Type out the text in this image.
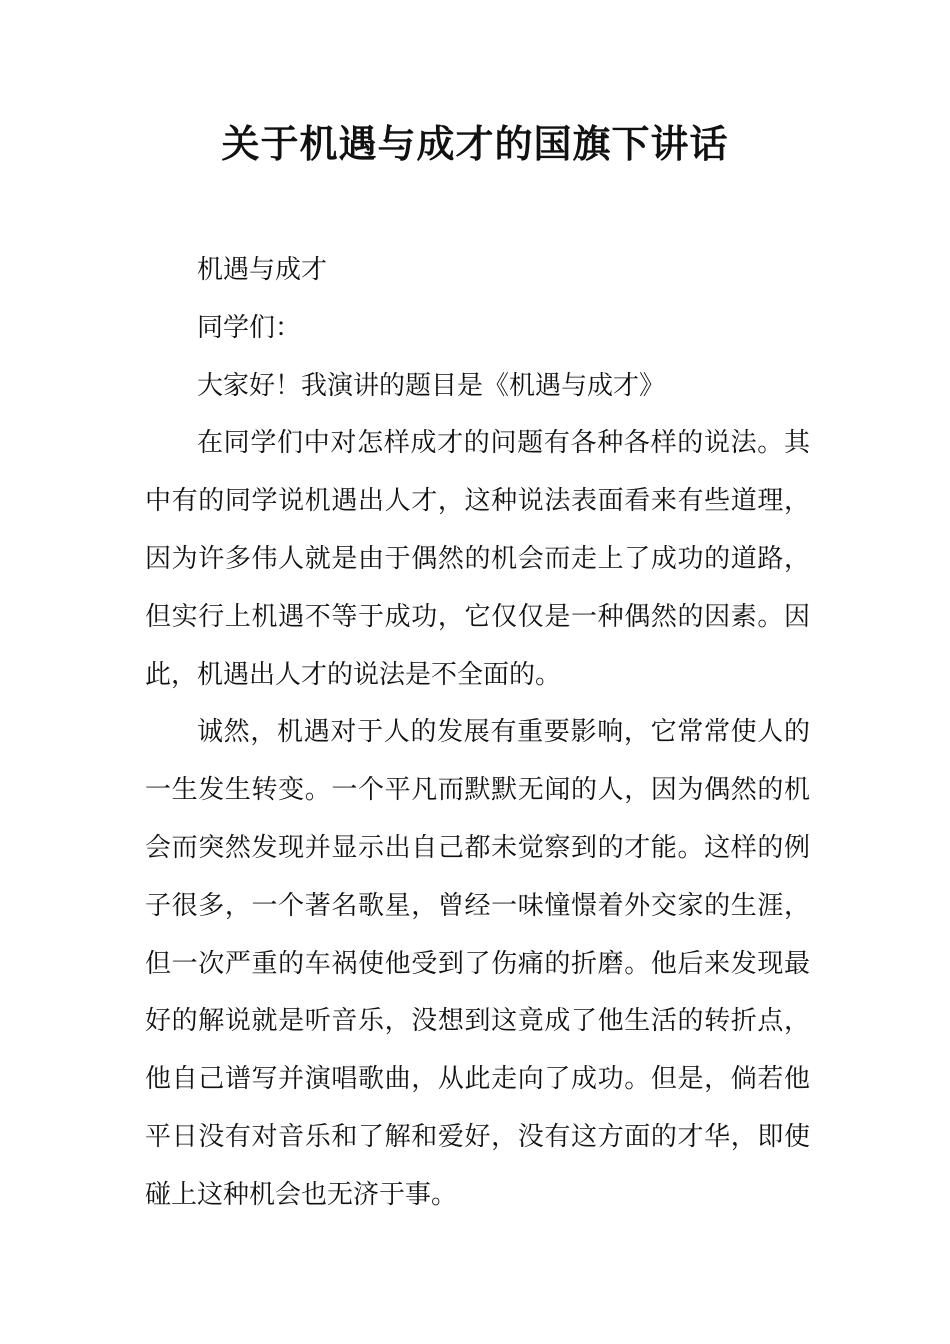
关于机遇与成才的国旗下讲话

机遇与成才

同学们：

大家好！我演讲的题目是《机遇与成才》

在同学们中对怎样成才的问题有各种各样的说法。其中有的同学说机遇出人才，这种说法表面看来有些道理，因为许多伟人就是由于偶然的机会而走上了成功的道路，但实行上机遇不等于成功，它仅仅是一种偶然的因素。因此，机遇出人才的说法是不全面的。

诚然，机遇对于人的发展有重要影响，它常常使人的一生发生转变。一个平凡而默默无闻的人，因为偶然的机会而突然发现并显示出自己都未觉察到的才能。这样的例子很多，一个著名歌星，曾经一味憧憬着外交家的生涯，但一次严重的车祸使他受到了伤痛的折磨。他后来发现最好的解说就是听音乐，没想到这竟成了他生活的转折点，他自己谱写并演唱歌曲，从此走向了成功。但是，倘若他平日没有对音乐和了解和爱好，没有这方面的才华，即使碰上这种机会也无济于事。
